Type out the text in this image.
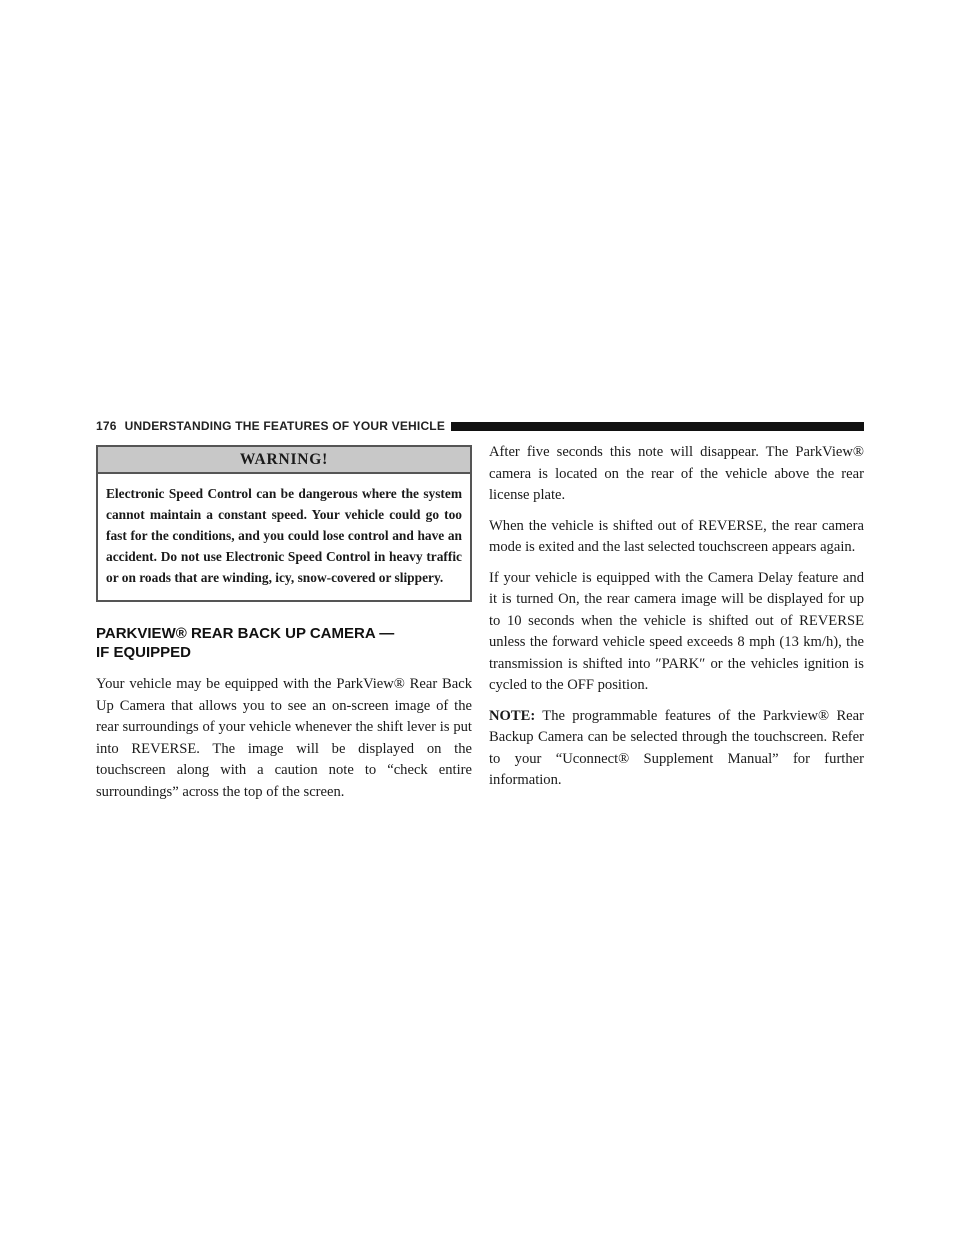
176 UNDERSTANDING THE FEATURES OF YOUR VEHICLE
WARNING!
Electronic Speed Control can be dangerous where the system cannot maintain a constant speed. Your vehicle could go too fast for the conditions, and you could lose control and have an accident. Do not use Electronic Speed Control in heavy traffic or on roads that are winding, icy, snow-covered or slippery.
PARKVIEW® REAR BACK UP CAMERA —
IF EQUIPPED

Your vehicle may be equipped with the ParkView® Rear Back Up Camera that allows you to see an on-screen image of the rear surroundings of your vehicle whenever the shift lever is put into REVERSE. The image will be displayed on the touchscreen along with a caution note to “check entire surroundings” across the top of the screen.

After five seconds this note will disappear. The ParkView® camera is located on the rear of the vehicle above the rear license plate.

When the vehicle is shifted out of REVERSE, the rear camera mode is exited and the last selected touchscreen appears again.

If your vehicle is equipped with the Camera Delay feature and it is turned On, the rear camera image will be displayed for up to 10 seconds when the vehicle is shifted out of REVERSE unless the forward vehicle speed exceeds 8 mph (13 km/h), the transmission is shifted into ″PARK″ or the vehicles ignition is cycled to the OFF position.

NOTE: The programmable features of the Parkview® Rear Backup Camera can be selected through the touchscreen. Refer to your “Uconnect® Supplement Manual” for further information.
